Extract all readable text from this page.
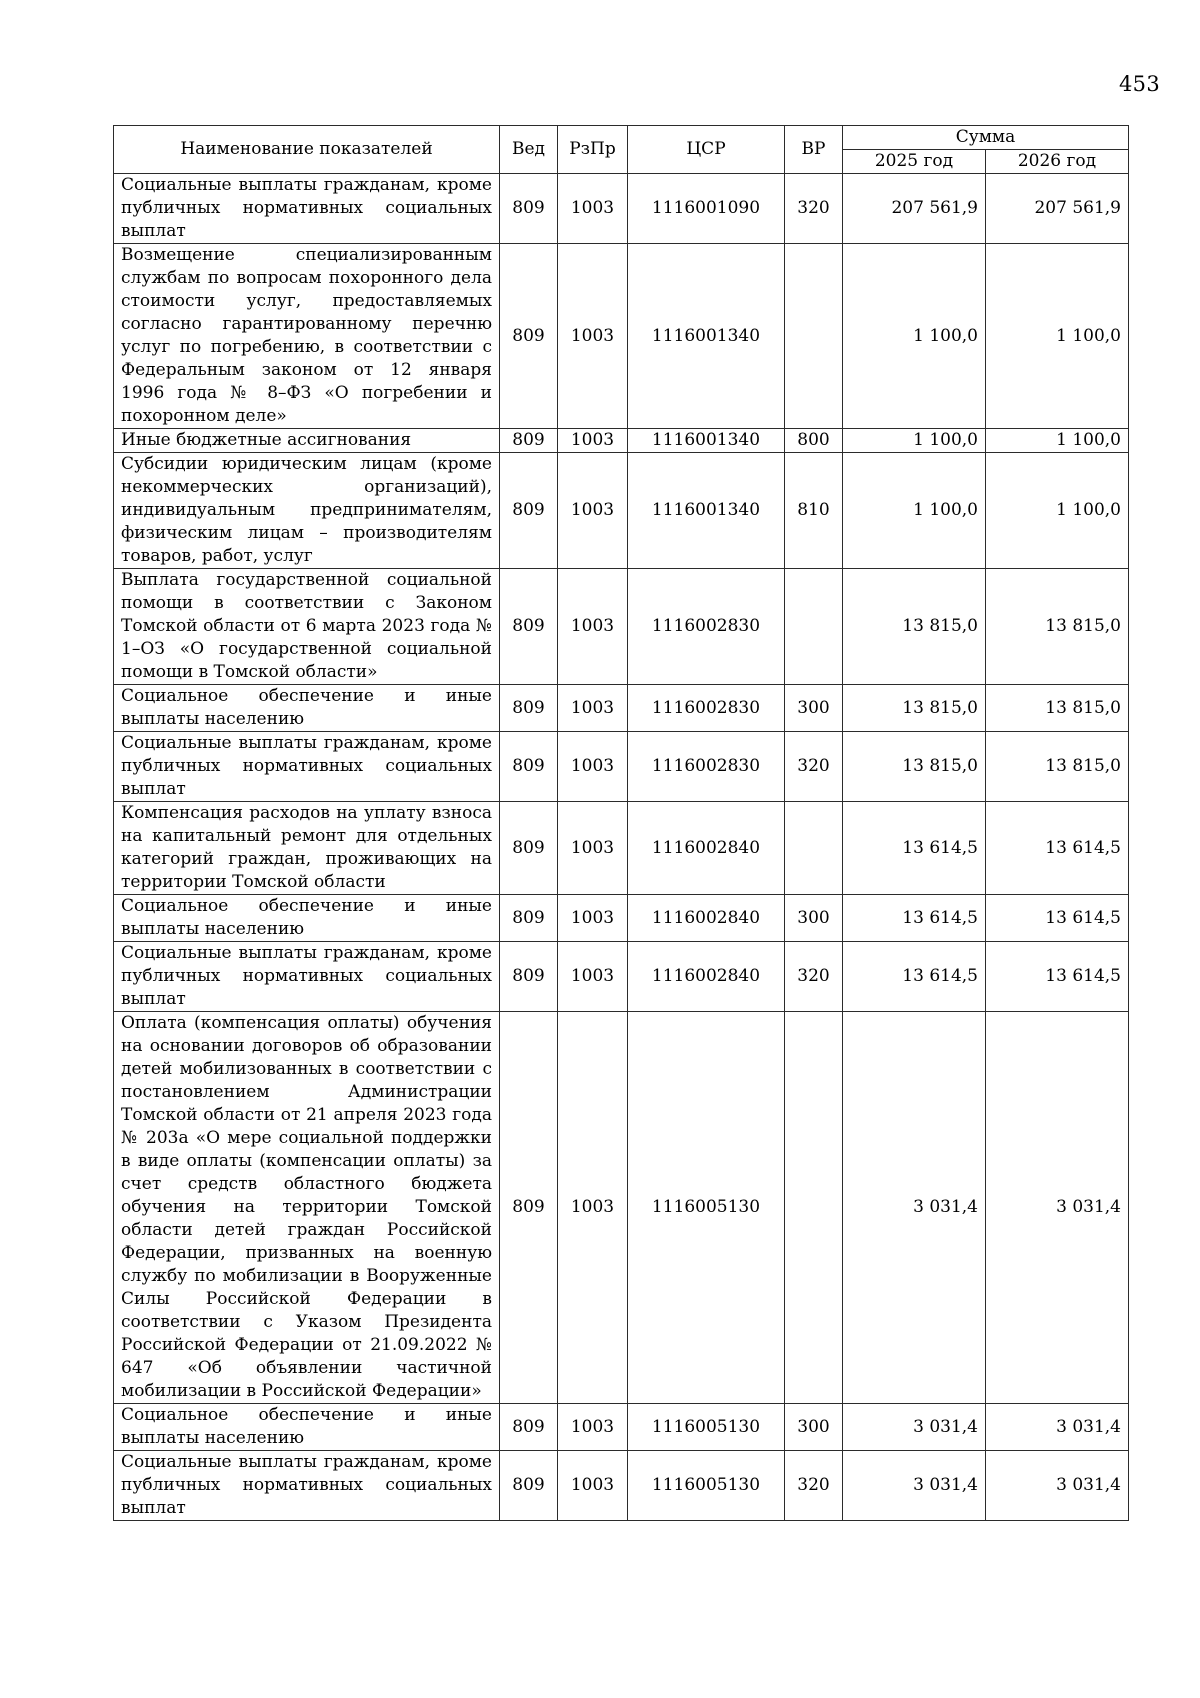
453
Наименование показателей	Вед	РзПр	ЦСР	ВР	Сумма	
					2025 год	2026 год
Социальные выплаты гражданам, кроме публичных нормативных социальных выплат	809	1003	1116001090	320	207 561,9	207 561,9
Возмещение специализированным службам по вопросам похоронного дела стоимости услуг, предоставляемых согласно гарантированному перечню услуг по погребению, в соответствии с Федеральным законом от 12 января 1996 года № 8–ФЗ «О погребении и похоронном деле»	809	1003	1116001340		1 100,0	1 100,0
Иные бюджетные ассигнования	809	1003	1116001340	800	1 100,0	1 100,0
Субсидии юридическим лицам (кроме некоммерческих организаций), индивидуальным предпринимателям, физическим лицам – производителям товаров, работ, услуг	809	1003	1116001340	810	1 100,0	1 100,0
Выплата государственной социальной помощи в соответствии с Законом Томской области от 6 марта 2023 года № 1–ОЗ «О государственной социальной помощи в Томской области»	809	1003	1116002830		13 815,0	13 815,0
Социальное обеспечение и иные выплаты населению	809	1003	1116002830	300	13 815,0	13 815,0
Социальные выплаты гражданам, кроме публичных нормативных социальных выплат	809	1003	1116002830	320	13 815,0	13 815,0
Компенсация расходов на уплату взноса на капитальный ремонт для отдельных категорий граждан, проживающих на территории Томской области	809	1003	1116002840		13 614,5	13 614,5
Социальное обеспечение и иные выплаты населению	809	1003	1116002840	300	13 614,5	13 614,5
Социальные выплаты гражданам, кроме публичных нормативных социальных выплат	809	1003	1116002840	320	13 614,5	13 614,5
Оплата (компенсация оплаты) обучения на основании договоров об образовании детей мобилизованных в соответствии с постановлением Администрации Томской области от 21 апреля 2023 года № 203а «О мере социальной поддержки в виде оплаты (компенсации оплаты) за счет средств областного бюджета обучения на территории Томской области детей граждан Российской Федерации, призванных на военную службу по мобилизации в Вооруженные Силы Российской Федерации в соответствии с Указом Президента Российской Федерации от 21.09.2022 № 647 «Об объявлении частичной мобилизации в Российской Федерации»	809	1003	1116005130		3 031,4	3 031,4
Социальное обеспечение и иные выплаты населению	809	1003	1116005130	300	3 031,4	3 031,4
Социальные выплаты гражданам, кроме публичных нормативных социальных выплат	809	1003	1116005130	320	3 031,4	3 031,4
